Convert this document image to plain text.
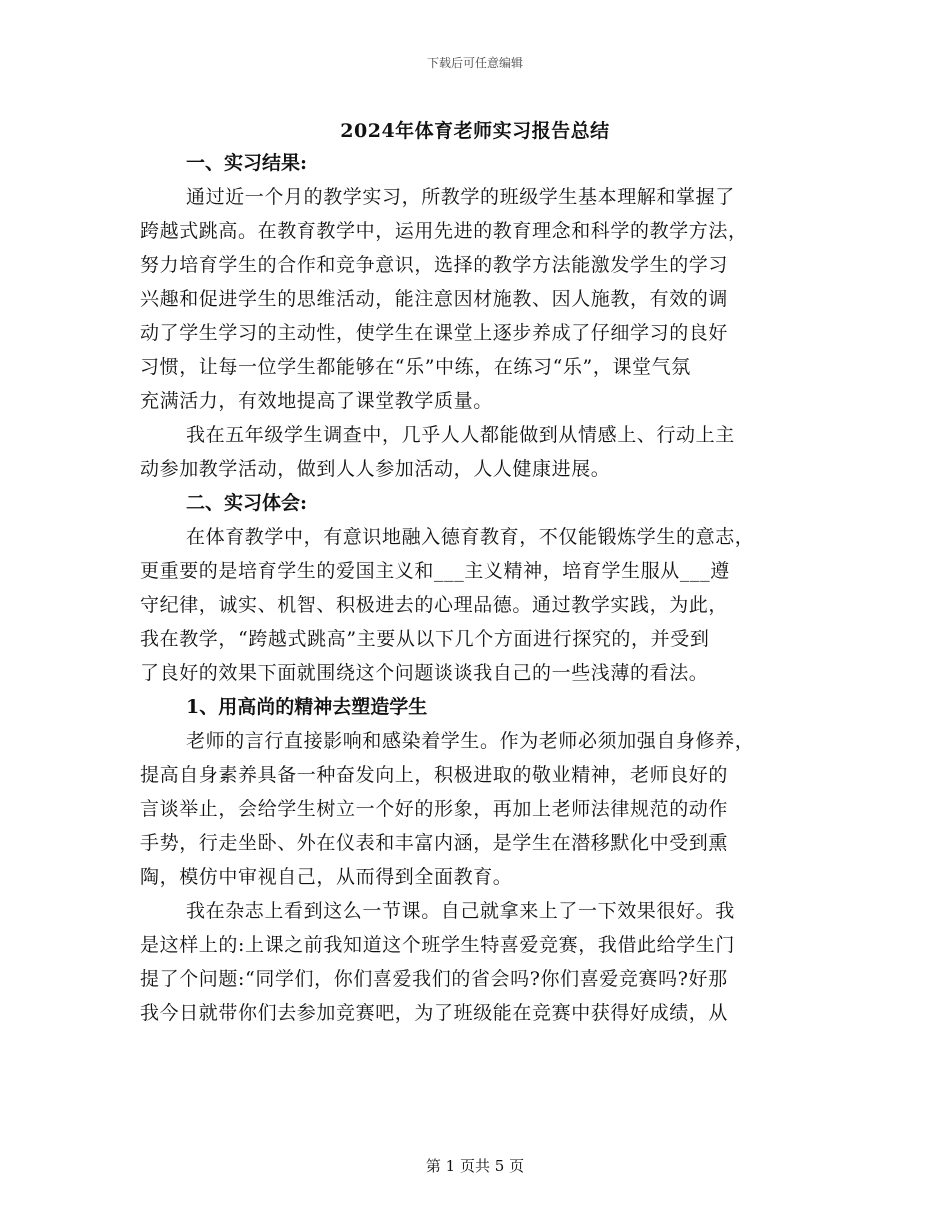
下载后可任意编辑
2024年体育老师实习报告总结
一、实习结果:
通过近一个月的教学实习，所教学的班级学生基本理解和掌握了
跨越式跳高。在教育教学中，运用先进的教育理念和科学的教学方法，
努力培育学生的合作和竞争意识，选择的教学方法能激发学生的学习
兴趣和促进学生的思维活动，能注意因材施教、因人施教，有效的调
动了学生学习的主动性，使学生在课堂上逐步养成了仔细学习的良好
习惯，让每一位学生都能够在“乐”中练，在练习“乐”，课堂气氛
充满活力，有效地提高了课堂教学质量。
我在五年级学生调查中，几乎人人都能做到从情感上、行动上主
动参加教学活动，做到人人参加活动，人人健康进展。
二、实习体会:
在体育教学中，有意识地融入德育教育，不仅能锻炼学生的意志，
更重要的是培育学生的爱国主义和___主义精神，培育学生服从___遵
守纪律，诚实、机智、积极进去的心理品德。通过教学实践，为此，
我在教学，“跨越式跳高”主要从以下几个方面进行探究的，并受到
了良好的效果下面就围绕这个问题谈谈我自己的一些浅薄的看法。
1、用高尚的精神去塑造学生
老师的言行直接影响和感染着学生。作为老师必须加强自身修养，
提高自身素养具备一种奋发向上，积极进取的敬业精神，老师良好的
言谈举止，会给学生树立一个好的形象，再加上老师法律规范的动作
手势，行走坐卧、外在仪表和丰富内涵，是学生在潜移默化中受到熏
陶，模仿中审视自己，从而得到全面教育。
我在杂志上看到这么一节课。自己就拿来上了一下效果很好。我
是这样上的:上课之前我知道这个班学生特喜爱竞赛，我借此给学生门
提了个问题:“同学们，你们喜爱我们的省会吗?你们喜爱竞赛吗?好那
我今日就带你们去参加竞赛吧，为了班级能在竞赛中获得好成绩，从
第 1 页共 5 页
